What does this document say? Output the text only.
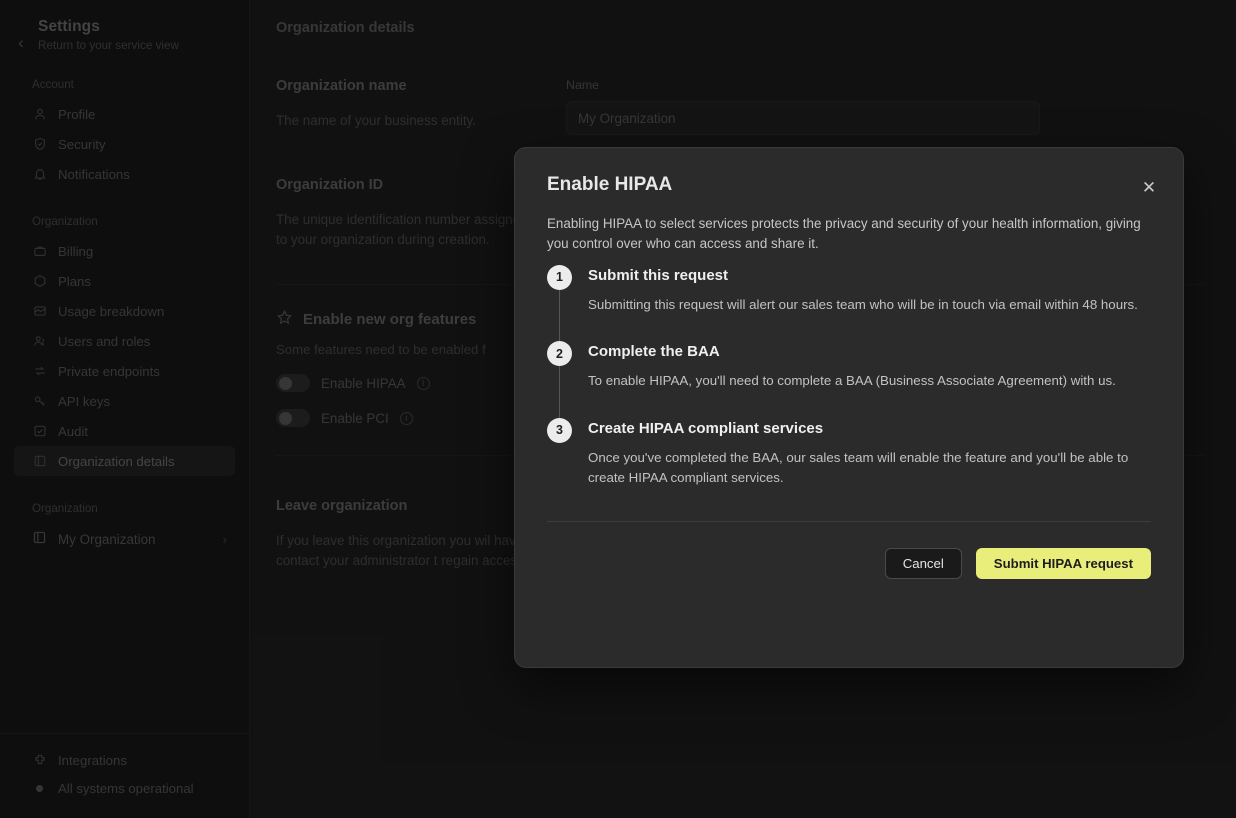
My Organization
Enable HIPAA	✕
Enabling HIPAA to select services protects the privacy and security of your health information, giving you control over who can access and share it.
1	Submit this request
Submitting this request will alert our sales team who will be in touch via email within 48 hours.
2	Complete the BAA
To enable HIPAA, you'll need to complete a BAA (Business Associate Agreement) with us.
3	Create HIPAA compliant services
Once you've completed the BAA, our sales team will enable the feature and you'll be able to create HIPAA compliant services.
Cancel	Submit HIPAA request
